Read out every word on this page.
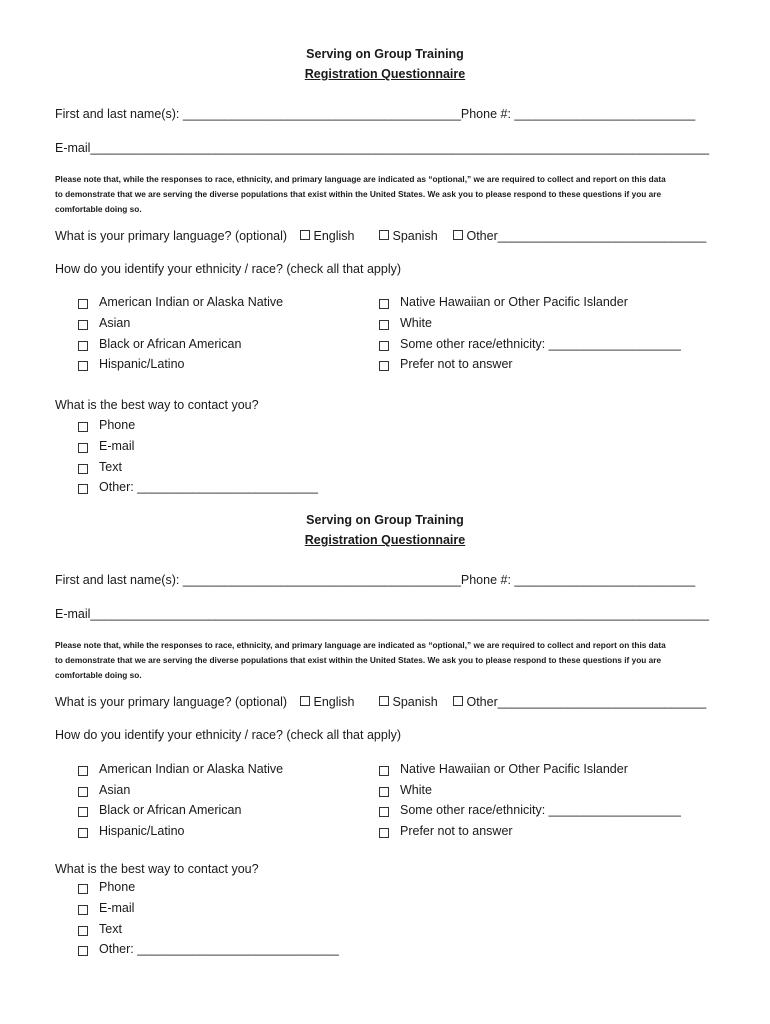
Serving on Group Training
Registration Questionnaire
First and last name(s): ________________________________________Phone #: __________________________
E-mail_________________________________________________________________________________________
Please note that, while the responses to race, ethnicity, and primary language are indicated as “optional,” we are required to collect and report on this data
to demonstrate that we are serving the diverse populations that exist within the United States. We ask you to please respond to these questions if you are
comfortable doing so.
What is your primary language? (optional)	English	Spanish	Other______________________________
How do you identify your ethnicity / race? (check all that apply)
American Indian or Alaska Native
Asian
Black or African American
Hispanic/Latino
Native Hawaiian or Other Pacific Islander
White
Some other race/ethnicity: ___________________
Prefer not to answer
What is the best way to contact you?
Phone
E-mail
Text
Other: __________________________
Serving on Group Training
Registration Questionnaire
First and last name(s): ________________________________________Phone #: __________________________
E-mail_________________________________________________________________________________________
Please note that, while the responses to race, ethnicity, and primary language are indicated as “optional,” we are required to collect and report on this data
to demonstrate that we are serving the diverse populations that exist within the United States. We ask you to please respond to these questions if you are
comfortable doing so.
What is your primary language? (optional)	English	Spanish	Other______________________________
How do you identify your ethnicity / race? (check all that apply)
American Indian or Alaska Native
Asian
Black or African American
Hispanic/Latino
Native Hawaiian or Other Pacific Islander
White
Some other race/ethnicity: ___________________
Prefer not to answer
What is the best way to contact you?
Phone
E-mail
Text
Other: _____________________________
